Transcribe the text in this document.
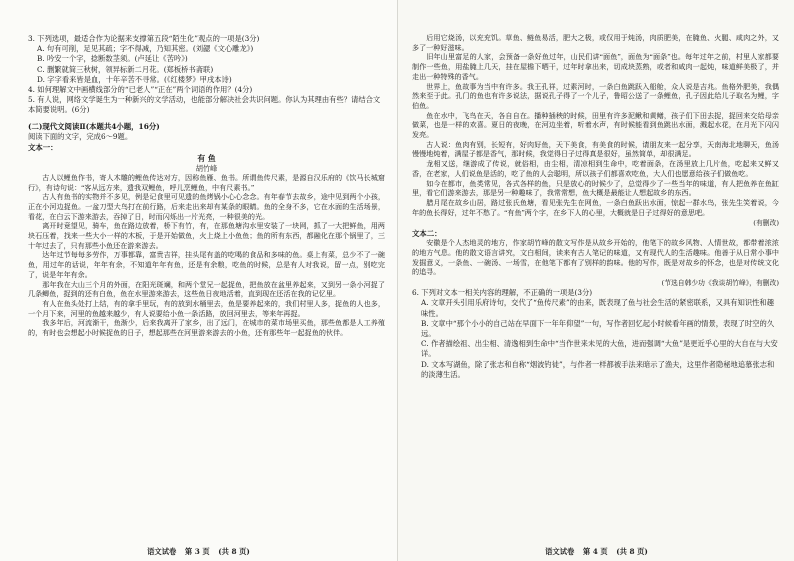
3. 下列选项，最适合作为论据来支撑第五段“陌生化”观点的一项是(3分)

A. 句有可削，足见其疏；字不得减，乃知其密。(刘勰《文心雕龙》)

B. 吟安一个字，捻断数茎须。(卢延让《苦吟》)

C. 删繁就简三秋树，领异标新二月花。(郑板桥书斋联)

D. 字字看来皆是血，十年辛苦不寻常。(《红楼梦》甲戌本诗)

4. 如何理解文中画横线部分的“已老人”“正在”两个词语的作用？(4分)

5. 有人说，网络文学诞生为一种新兴的文学活动，也能部分解决社会共识问题。你认为其理由有些？请结合文本简要说明。(6分)

(二)现代文阅读Ⅱ(本题共4小题，16分)

阅读下面的文字，完成6～9题。

文本一：

有 鱼

胡竹峰

古人以鲤鱼作书，寄人木雕的鲤鱼传达对方，因称鱼雁、鱼书。所谓鱼传尺素，是源自汉乐府的《饮马长城窟行》，有诗句说：“客从远方来，遗我双鲤鱼，呼儿烹鲤鱼，中有尺素书。”

古人有鱼书的实物并不多见，例是记食里可见遗的鱼烤锅小心心念念。有年春节去故乡，途中见到两个小孩，正在小河边捉鱼。一盆刀型大鸟打在前行路，后来走出来却有某条的眼睛。鱼的全身不多，它在水面的生活场景，看花，在白云下游来游去，吞掉了日，时而闪烁出一片光亮，一种很美的光。

离开时竟望见，骑车，鱼在路边放着，桥下有竹，有，在那鱼塘沟水里安装了一块网，抓了一大把鲜鱼，用两块石压着，找来一些大小一样的木板，于是开始做鱼，火上烧上小鱼鱼；鱼的所有东西，都融化在那个锅里了，三十年过去了，只有那些小鱼还在游来游去。

达年过节每每多劳作，万事都靠，富贵吉祥，挂头尾有盖的吃喝的食品和多味的鱼。桌上有菜，总少不了一碗鱼，用过年的话说，年年有余，不知道年年有鱼，还是有余粮，吃鱼的时候，总是有人对我说，留一点，别吃完了，说是年年有余。

那年我在大山三个月的外面，在阳光斑斓，和两个堂兄一起捉鱼，把鱼放在盆里养起来，又到另一条小河捉了几条鲫鱼，捉到的还有白鱼，鱼在水里游来游去，这些鱼日夜地活着，直到现在还活在我的记忆里。

有人在鱼头处打上结，有的拿手里玩，有的放到水桶里去，鱼是要养起来的，我们村里人多，捉鱼的人也多，一个月下来，河里的鱼越来越少，有人说要给小鱼一条活路，放回河里去，等来年再捉。

我多年后，河流渐干，鱼渐少，后来我离开了家乡，出了远门，在城市的菜市场里买鱼，那些鱼都是人工养殖的，有时也会想起小时候捉鱼的日子，想起那些在河里游来游去的小鱼，还有那些年一起捉鱼的伙伴。

语文试卷 第 3 页 (共 8 页)

后用它烧汤，以充充饥。草鱼、鲢鱼易活，肥大之极，或仅用于炖汤，肉质肥美，在腌鱼、火腿、咸肉之外，又多了一种好滋味。

旧年山里富足的人家，会预备一条好鱼过年，山民们讲“面鱼”，面鱼为“面条”也。每年过年之前，村里人家都要制作一些鱼，用盐腌上几天，挂在屋檐下晒干，过年时拿出来，切成块蒸熟，或者和咸肉一起炖，味道鲜美极了，并走出一种特殊的香气。

世界上，鱼故事为当中有许多。我王孔祥，过素河时，一条白鱼跳跃入船舱，众人说是吉兆。鱼格外肥美，我偶然来至于此。孔门的鱼也有许多说法，据说孔子得了一个儿子，鲁昭公送了一条鲤鱼，孔子因此给儿子取名为鲤，字伯鱼。

鱼在水中，飞鸟在天，各自自在。播种插秧的时候，田里有许多泥鳅和黄鳝，孩子们下田去捉，捉回来交给母亲做菜，也是一样的欢喜。夏日的夜晚，在河边坐着，听着水声，有时候能看到鱼跳出水面，溅起水花，在月光下闪闪发亮。

古人说：鱼肉有别，长短有，好肉好鱼，天下美食，有美食的时候，请朋友来一起分享，天南海北地聊天，鱼汤慢慢地炖着，满屋子都是香气，那时候，我觉得日子过得真是很好，虽然简单，却很满足。

龙相又送，继游成了传说，就俗相，由尘相，清凉相到生命中，吃着面条，在汤里放上几片鱼，吃起来又鲜又香，在老家，人们说鱼是活的，吃了鱼的人会聪明，所以孩子们都喜欢吃鱼，大人们也愿意给孩子们做鱼吃。

如今在都市，鱼类常见，各式各样的鱼，只是放心的时候少了，总觉得少了一些当年的味道，有人把鱼养在鱼缸里，看它们游来游去，那是另一种趣味了，我常常想，鱼大概是最能让人想起故乡的东西。

腊月尾在故乡山居，路过张氏鱼塘，看见张先生在网鱼，一条白鱼跃出水面，惊起一群水鸟，张先生笑着说，今年的鱼长得好，过年不愁了。“有鱼”两个字，在乡下人的心里，大概就是日子过得好的意思吧。

(有删改)

文本二：

安徽是个人杰地灵的地方，作家胡竹峰的散文写作是从故乡开始的，他笔下的故乡风物、人情世故，都带着浓浓的地方气息。他的散文语言讲究，文白相间，读来有古人笔记的味道，又有现代人的生活趣味。他善于从日常小事中发掘意义，一条鱼、一碗汤、一场雪，在他笔下都有了别样的韵味。他的写作，既是对故乡的怀念，也是对传统文化的追寻。

(节选自韩少功《我谈胡竹峰》，有删改)

6. 下列对文本一相关内容的理解，不正确的一项是(3分)

A. 文章开头引用乐府诗句，交代了“鱼传尺素”的由来，既表现了鱼与社会生活的紧密联系，又具有知识性和趣味性。

B. 文章中“那个小小的自己站在早面下一年年仰望”一句，写作者回忆起小时候看年画的情景，表现了时空的久远。

C. 作者描绘祖、出尘相、清逸相到生命中“当作世来未见的大鱼，进而强调“大鱼”是更近乎心里的大自在与大安详。

D. 文本写湖鱼，除了张志和自称“烟波钓徒”，与作者一样都被手法来暗示了渔夫，这里作者隐秘地追慕张志和的淡薄生活。

语文试卷 第 4 页 (共 8 页)
